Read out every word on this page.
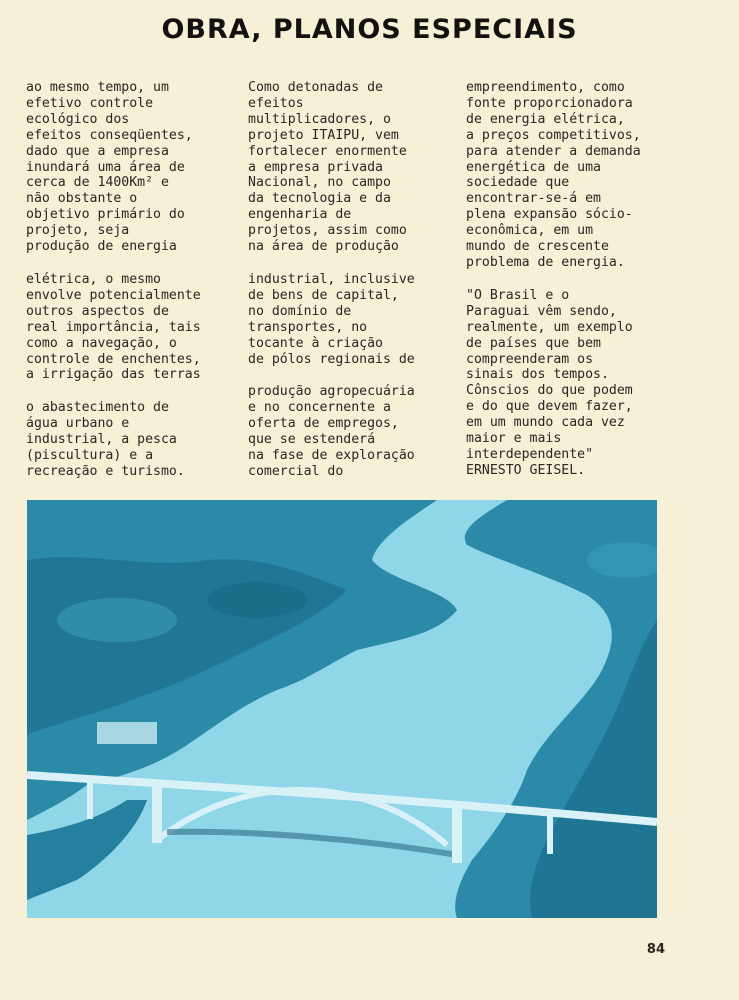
OBRA, PLANOS ESPECIAIS

ao mesmo tempo, um
efetivo controle
ecológico dos
efeitos conseqüentes,
dado que a empresa
inundará uma área de
cerca de 1400Km² e
não obstante o
objetivo primário do
projeto, seja
produção de energia

elétrica, o mesmo
envolve potencialmente
outros aspectos de
real importância, tais
como a navegação, o
controle de enchentes,
a irrigação das terras

o abastecimento de
água urbano e
industrial, a pesca
(piscultura) e a
recreação e turismo.

Como detonadas de
efeitos
multiplicadores, o
projeto ITAIPU, vem
fortalecer enormente
a empresa privada
Nacional, no campo
da tecnologia e da
engenharia de
projetos, assim como
na área de produção

industrial, inclusive
de bens de capital,
no domínio de
transportes, no
tocante à criação
de pólos regionais de

produção agropecuária
e no concernente a
oferta de empregos,
que se estenderá
na fase de exploração
comercial do

empreendimento, como
fonte proporcionadora
de energia elétrica,
a preços competitivos,
para atender a demanda
energética de uma
sociedade que
encontrar-se-á em
plena expansão sócio-
econômica, em um
mundo de crescente
problema de energia.

"O Brasil e o
Paraguai vêm sendo,
realmente, um exemplo
de países que bem
compreenderam os
sinais dos tempos.
Cônscios do que podem
e do que devem fazer,
em um mundo cada vez
maior e mais
interdependente"
ERNESTO GEISEL.

84
